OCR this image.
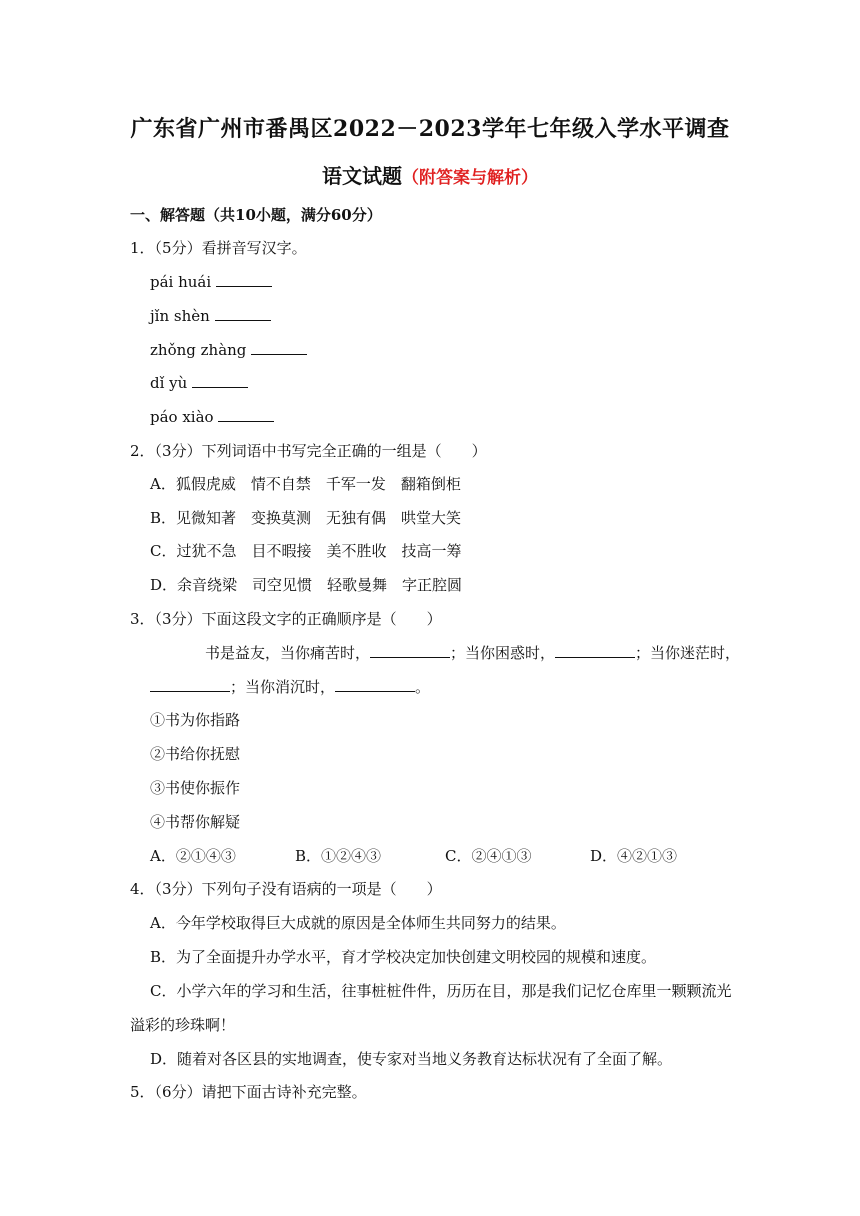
广东省广州市番禺区2022－2023学年七年级入学水平调查
语文试题（附答案与解析）
一、解答题（共10小题，满分60分）
1．（5分）看拼音写汉字。
pái huái
jǐn shèn
zhǒng zhàng
dǐ yù
páo xiào
2．（3分）下列词语中书写完全正确的一组是（　　）
A．狐假虎威　情不自禁　千军一发　翻箱倒柜
B．见微知著　变换莫测　无独有偶　哄堂大笑
C．过犹不急　目不暇接　美不胜收　技高一筹
D．余音绕梁　司空见惯　轻歌曼舞　字正腔圆
3．（3分）下面这段文字的正确顺序是（　　）
书是益友，当你痛苦时，	；当你困惑时，	；当你迷茫时，
；当你消沉时，	。
①书为你指路
②书给你抚慰
③书使你振作
④书帮你解疑
A．②①④③	B．①②④③	C．②④①③	D．④②①③
4．（3分）下列句子没有语病的一项是（　　）
A．今年学校取得巨大成就的原因是全体师生共同努力的结果。
B．为了全面提升办学水平，育才学校决定加快创建文明校园的规模和速度。
C．小学六年的学习和生活，往事桩桩件件，历历在目，那是我们记忆仓库里一颗颗流光
溢彩的珍珠啊！
D．随着对各区县的实地调查，使专家对当地义务教育达标状况有了全面了解。
5．（6分）请把下面古诗补充完整。
